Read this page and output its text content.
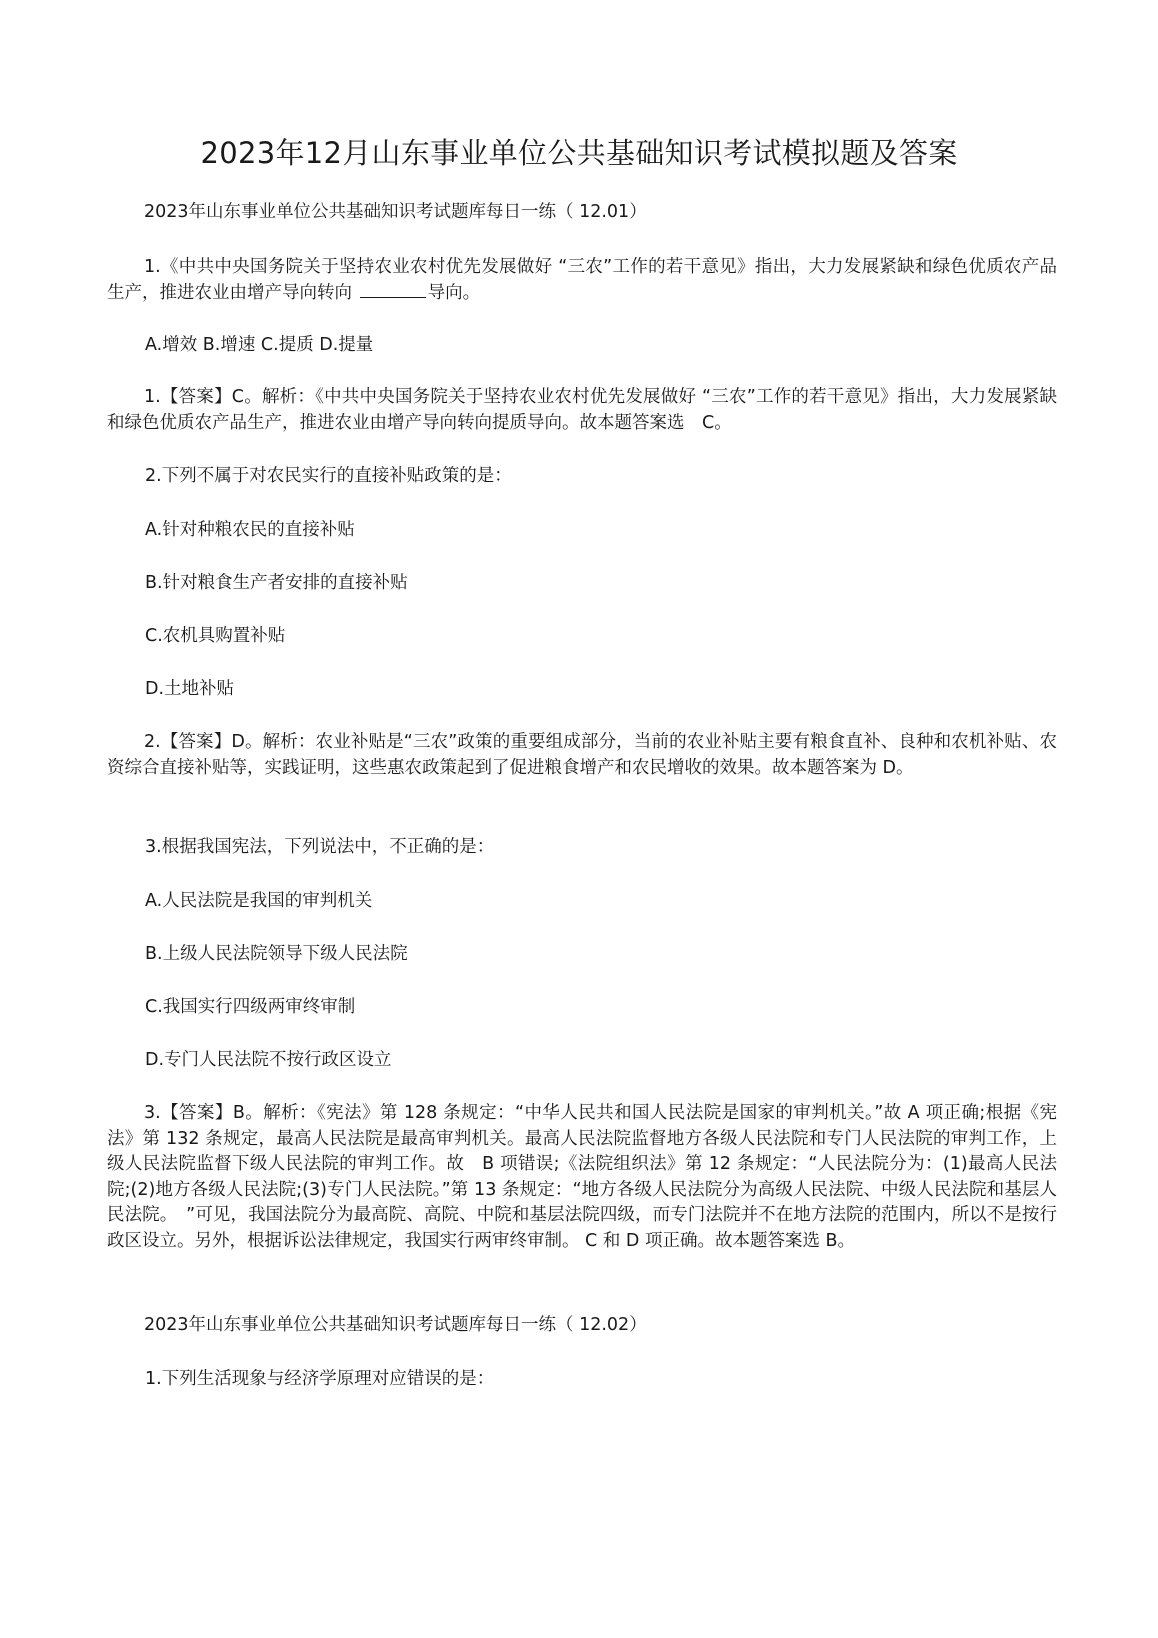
2023年12月山东事业单位公共基础知识考试模拟题及答案

2023年山东事业单位公共基础知识考试题库每日一练（ 12.01）

1.《中共中央国务院关于坚持农业农村优先发展做好 “三农”工作的若干意见》指出，大力发展紧缺和绿色优质农产品生产，推进农业由增产导向转向	导向。

A.增效 B.增速 C.提质 D.提量

1.【答案】C。解析：《中共中央国务院关于坚持农业农村优先发展做好 “三农”工作的若干意见》指出，大力发展紧缺和绿色优质农产品生产，推进农业由增产导向转向提质导向。故本题答案选　C。

2.下列不属于对农民实行的直接补贴政策的是：

A.针对种粮农民的直接补贴

B.针对粮食生产者安排的直接补贴

C.农机具购置补贴

D.土地补贴

2.【答案】D。解析：农业补贴是“三农”政策的重要组成部分，当前的农业补贴主要有粮食直补、良种和农机补贴、农资综合直接补贴等，实践证明，这些惠农政策起到了促进粮食增产和农民增收的效果。故本题答案为 D。

3.根据我国宪法，下列说法中，不正确的是：

A.人民法院是我国的审判机关

B.上级人民法院领导下级人民法院

C.我国实行四级两审终审制

D.专门人民法院不按行政区设立

3.【答案】B。解析：《宪法》第 128 条规定：“中华人民共和国人民法院是国家的审判机关。”故 A 项正确;根据《宪法》第 132 条规定，最高人民法院是最高审判机关。最高人民法院监督地方各级人民法院和专门人民法院的审判工作，上级人民法院监督下级人民法院的审判工作。故　B 项错误;《法院组织法》第 12 条规定：“人民法院分为：(1)最高人民法院;(2)地方各级人民法院;(3)专门人民法院。”第 13 条规定：“地方各级人民法院分为高级人民法院、中级人民法院和基层人民法院。　”可见，我国法院分为最高院、高院、中院和基层法院四级，而专门法院并不在地方法院的范围内，所以不是按行政区设立。另外，根据诉讼法律规定，我国实行两审终审制。 C 和 D 项正确。故本题答案选 B。

2023年山东事业单位公共基础知识考试题库每日一练（ 12.02）

1.下列生活现象与经济学原理对应错误的是：
